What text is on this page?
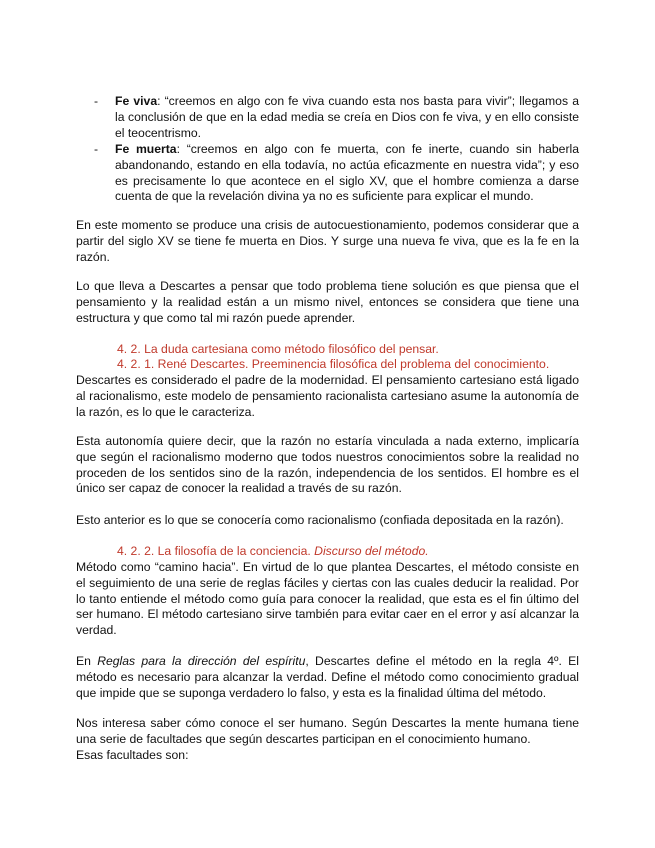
-	Fe viva: “creemos en algo con fe viva cuando esta nos basta para vivir”; llegamos a la conclusión de que en la edad media se creía en Dios con fe viva, y en ello consiste el teocentrismo.

-	Fe muerta: “creemos en algo con fe muerta, con fe inerte, cuando sin haberla abandonando, estando en ella todavía, no actúa eficazmente en nuestra vida”; y eso es precisamente lo que acontece en el siglo XV, que el hombre comienza a darse cuenta de que la revelación divina ya no es suficiente para explicar el mundo.

En este momento se produce una crisis de autocuestionamiento, podemos considerar que a partir del siglo XV se tiene fe muerta en Dios. Y surge una nueva fe viva, que es la fe en la razón.

Lo que lleva a Descartes a pensar que todo problema tiene solución es que piensa que el pensamiento y la realidad están a un mismo nivel, entonces se considera que tiene una estructura y que como tal mi razón puede aprender.

4. 2. La duda cartesiana como método filosófico del pensar.

4. 2. 1. René Descartes. Preeminencia filosófica del problema del conocimiento.

Descartes es considerado el padre de la modernidad. El pensamiento cartesiano está ligado al racionalismo, este modelo de pensamiento racionalista cartesiano asume la autonomía de la razón, es lo que le caracteriza.

Esta autonomía quiere decir, que la razón no estaría vinculada a nada externo, implicaría que según el racionalismo moderno que todos nuestros conocimientos sobre la realidad no proceden de los sentidos sino de la razón, independencia de los sentidos. El hombre es el único ser capaz de conocer la realidad a través de su razón.

Esto anterior es lo que se conocería como racionalismo (confiada depositada en la razón).

4. 2. 2. La filosofía de la conciencia. Discurso del método.

Método como “camino hacia”. En virtud de lo que plantea Descartes, el método consiste en el seguimiento de una serie de reglas fáciles y ciertas con las cuales deducir la realidad. Por lo tanto entiende el método como guía para conocer la realidad, que esta es el fin último del ser humano. El método cartesiano sirve también para evitar caer en el error y así alcanzar la verdad.

En Reglas para la dirección del espíritu, Descartes define el método en la regla 4º. El método es necesario para alcanzar la verdad. Define el método como conocimiento gradual que impide que se suponga verdadero lo falso, y esta es la finalidad última del método.

Nos interesa saber cómo conoce el ser humano. Según Descartes la mente humana tiene una serie de facultades que según descartes participan en el conocimiento humano.

Esas facultades son:
